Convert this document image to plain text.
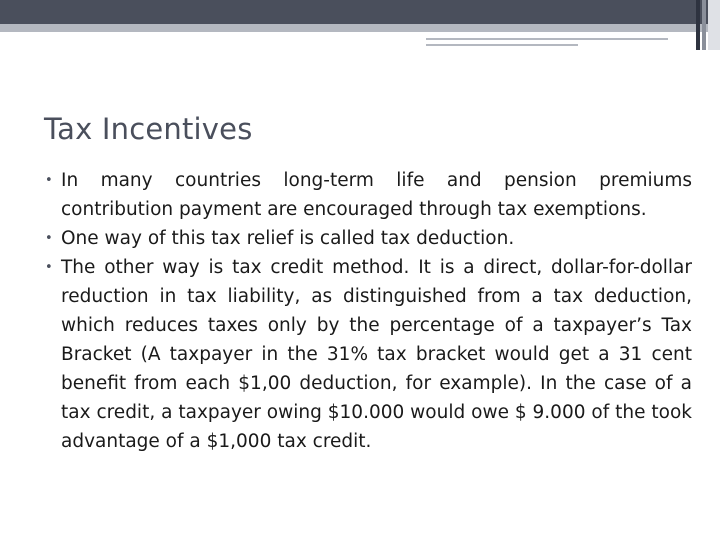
Tax Incentives
• In many countries long-term life and pension premiums contribution payment are encouraged through tax exemptions.
• One way of this tax relief is called tax deduction.
• The other way is tax credit method. It is a direct, dollar-for-dollar reduction in tax liability, as distinguished from a tax deduction, which reduces taxes only by the percentage of a taxpayer’s Tax Bracket (A taxpayer in the 31% tax bracket would get a 31 cent benefit from each $1,00 deduction, for example). In the case of a tax credit, a taxpayer owing $10.000 would owe $ 9.000 of the took advantage of a $1,000 tax credit.
